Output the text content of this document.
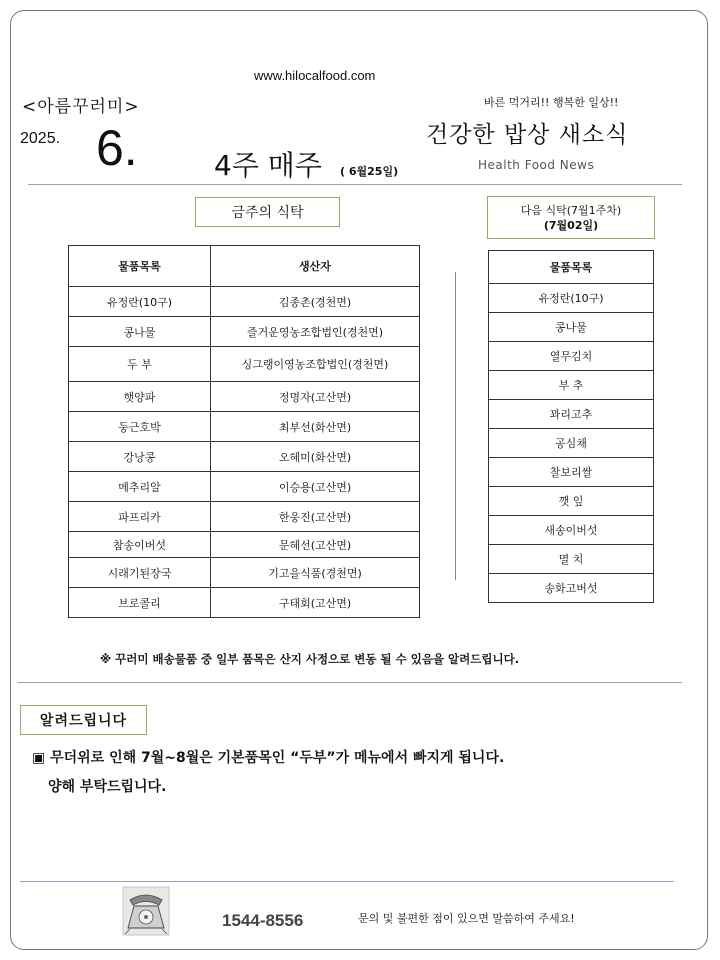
www.hilocalfood.com
<아름꾸러미>
2025. 6.	4주 매주 ( 6월25일)
바른 먹거리!! 행복한 일상!!
건강한 밥상 새소식
Health Food News
금주의 식탁	다음 식탁(7월1주차)
(7월02일)
물품목록	생산자
유정란(10구)	김종촌(경천면)
콩나물	즐거운영농조합법인(경천면)
두 부	싱그랭이영농조합법인(경천면)
햇양파	정명자(고산면)
둥근호박	최부선(화산면)
강낭콩	오혜미(화산면)
메추리알	이승용(고산면)
파프리카	한웅진(고산면)
참송이버섯	문혜선(고산면)
시래기된장국	기고을식품(경천면)
브로콜리	구태회(고산면)
물품목록
유정란(10구)
콩나물
열무김치
부 추
꽈리고추
공심채
찰보리쌀
깻 잎
새송이버섯
멸 치
송화고버섯
※ 꾸러미 배송물품 중 일부 품목은 산지 사정으로 변동 될 수 있음을 알려드립니다.
알려드립니다
▣ 무더위로 인해 7월~8월은 기본품목인 “두부”가 메뉴에서 빠지게 됩니다.
양해 부탁드립니다.
1544-8556	문의 및 불편한 점이 있으면 말씀하여 주세요!
